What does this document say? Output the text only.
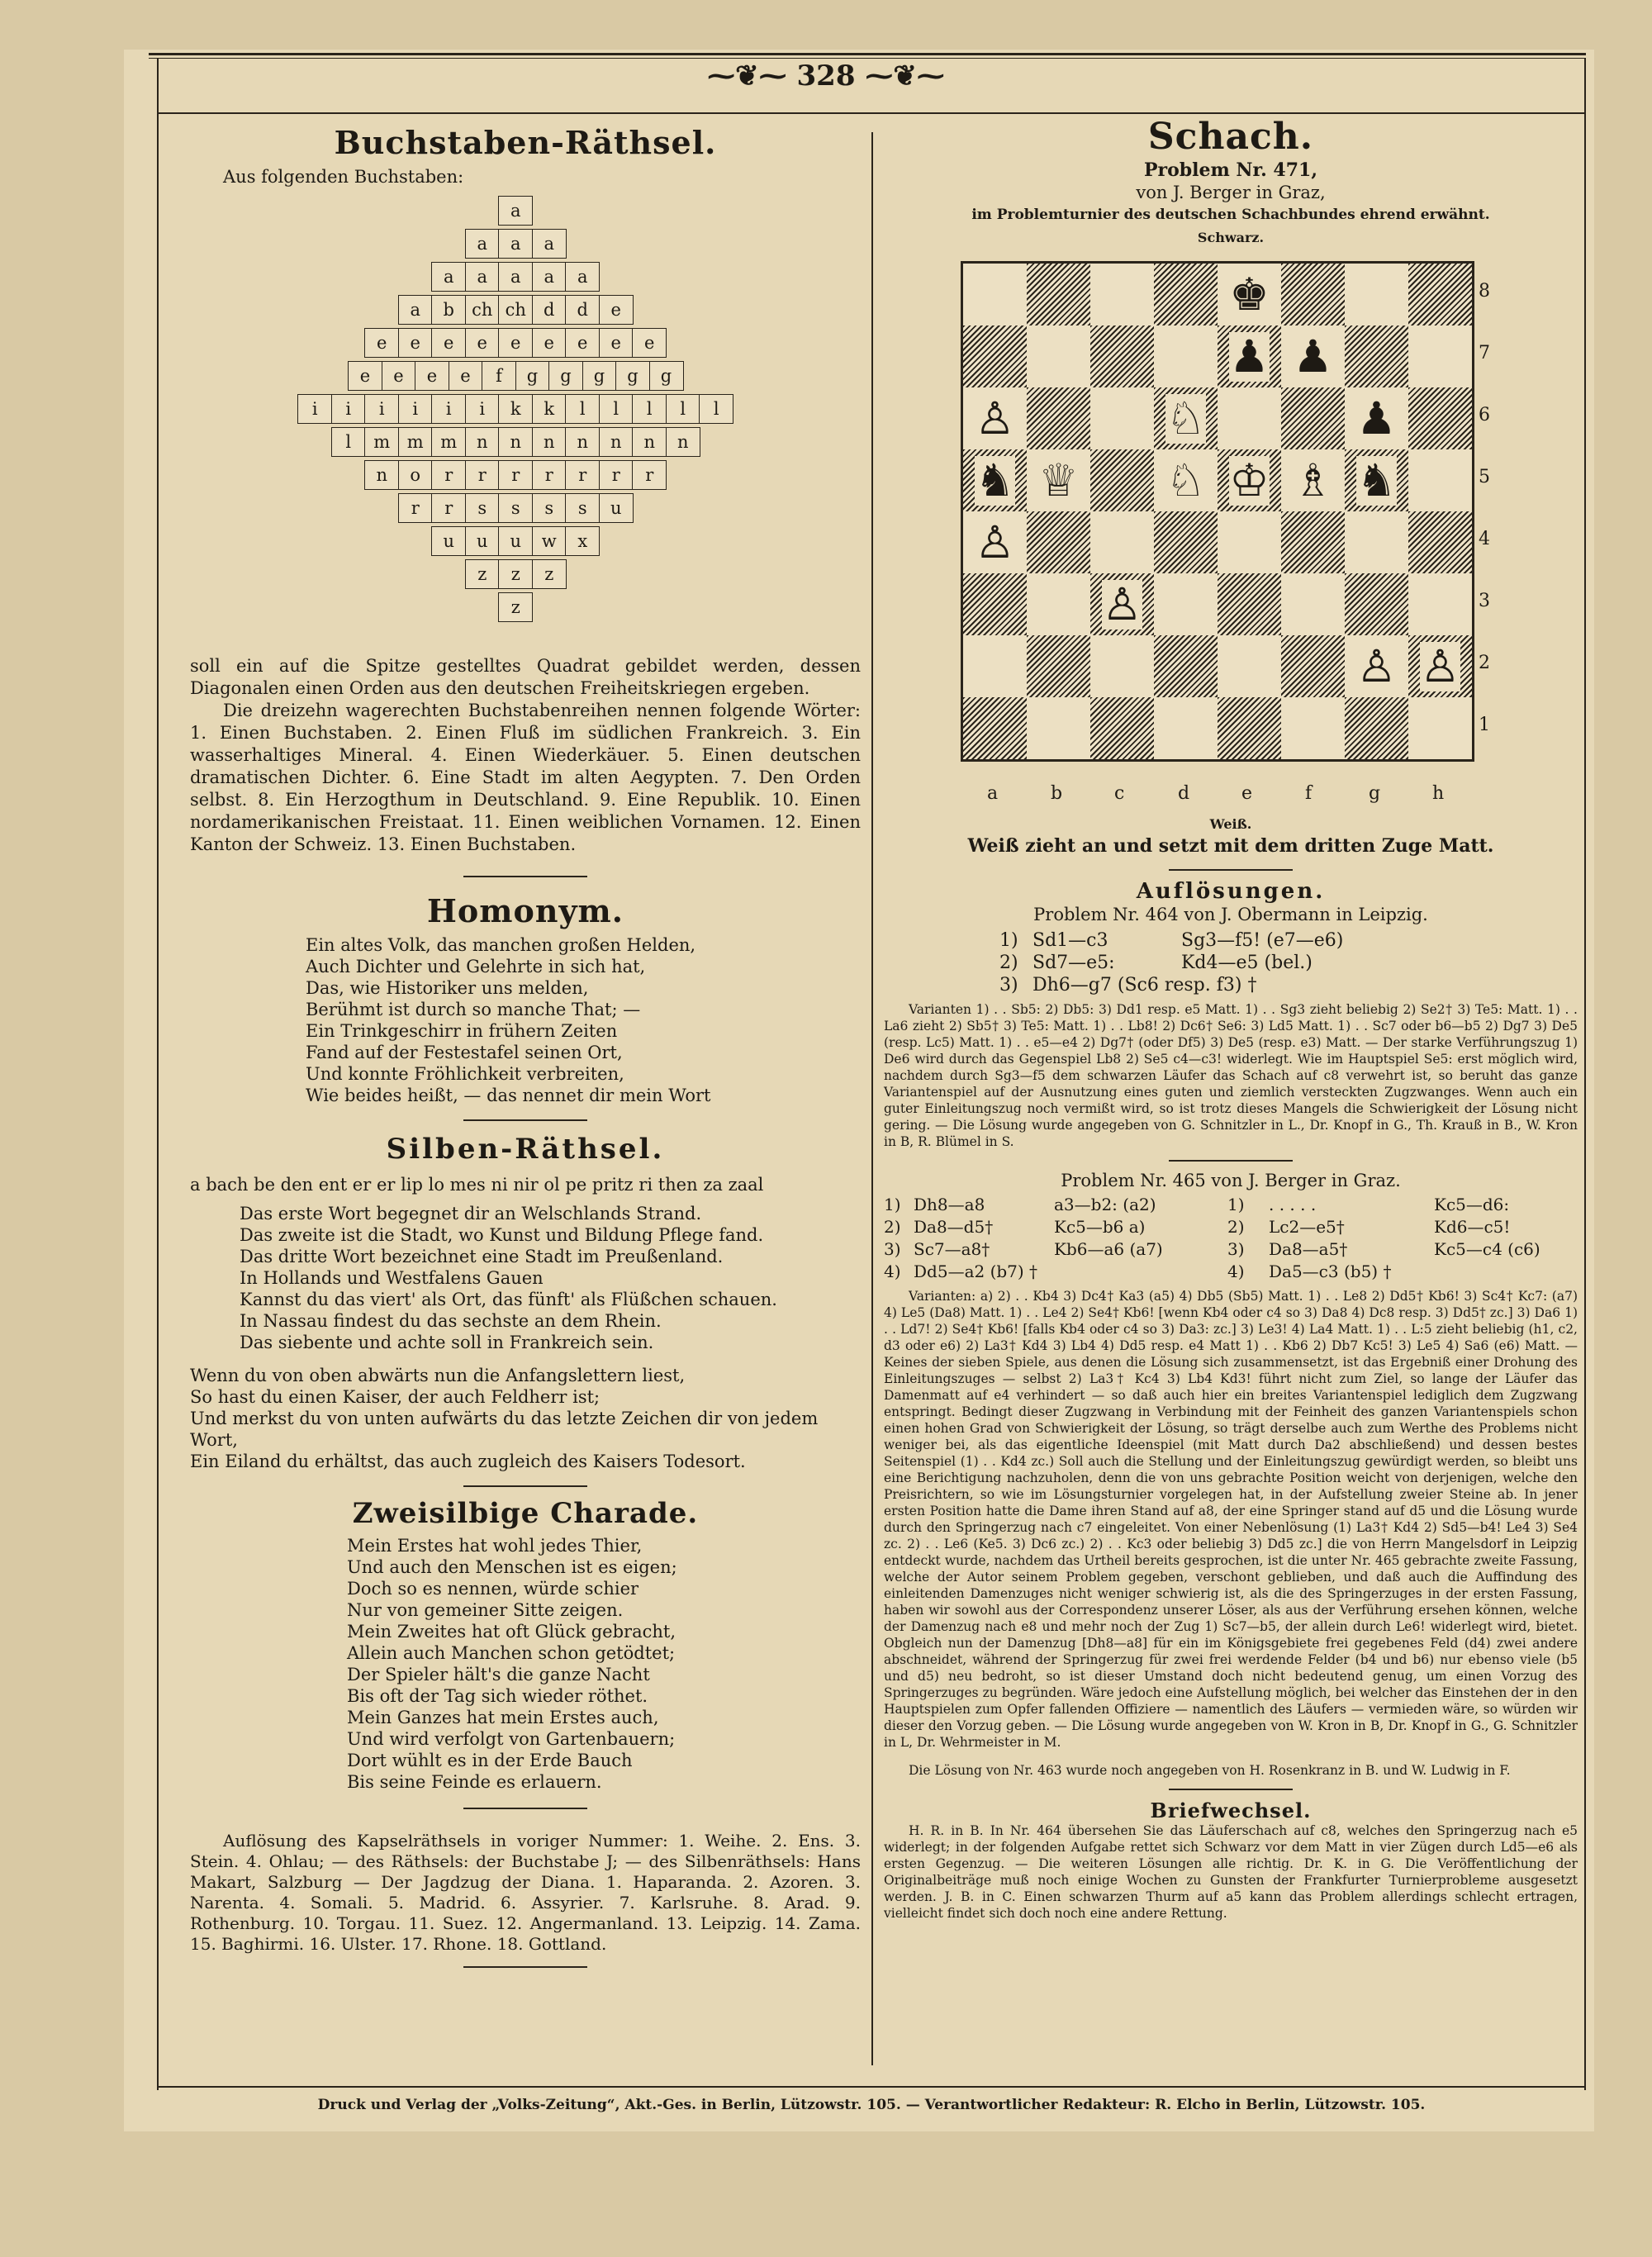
⁓❦⁓ 328 ⁓❦⁓
Buchstaben-Räthsel.

Aus folgenden Buchstaben:

a
a	a	a
a	a	a	a	a
a	b	ch ch	d	d	e
e	e	e	e	e	e	e	e	e
e	e	e	e	f	g	g	g	g	g
i	i	i	i	i	i	k	k	l	l	l	l	l
l	m m m	n	n	n	n	n	n	n
n	o	r	r	r	r	r	r	r
r	r	s	s	s	s	u
u	u	u	w	x
z	z	z
z

soll ein auf die Spitze gestelltes Quadrat gebildet werden, dessen Diagonalen einen Orden aus den deutschen Freiheitskriegen ergeben.

Die dreizehn wagerechten Buchstabenreihen nennen folgende Wörter: 1. Einen Buchstaben. 2. Einen Fluß im südlichen Frankreich. 3. Ein wasserhaltiges Mineral. 4. Einen Wiederkäuer. 5. Einen deutschen dramatischen Dichter. 6. Eine Stadt im alten Aegypten. 7. Den Orden selbst. 8. Ein Herzogthum in Deutschland. 9. Eine Republik. 10. Einen nordamerikanischen Freistaat. 11. Einen weiblichen Vornamen. 12. Einen Kanton der Schweiz. 13. Einen Buchstaben.

Homonym.
Ein altes Volk, das manchen großen Helden,
Auch Dichter und Gelehrte in sich hat,
Das, wie Historiker uns melden,
Berühmt ist durch so manche That; —
Ein Trinkgeschirr in frühern Zeiten
Fand auf der Festestafel seinen Ort,
Und konnte Fröhlichkeit verbreiten,
Wie beides heißt, — das nennet dir mein Wort
Silben-Räthsel.

a bach be den ent er er lip lo mes ni nir ol pe pritz ri then za zaal

Das erste Wort begegnet dir an Welschlands Strand.
Das zweite ist die Stadt, wo Kunst und Bildung Pflege fand.
Das dritte Wort bezeichnet eine Stadt im Preußenland.
In Hollands und Westfalens Gauen
Kannst du das viert' als Ort, das fünft' als Flüßchen schauen.
In Nassau findest du das sechste an dem Rhein.
Das siebente und achte soll in Frankreich sein.
Wenn du von oben abwärts nun die Anfangslettern liest,
So hast du einen Kaiser, der auch Feldherr ist;
Und merkst du von unten aufwärts du das letzte Zeichen dir von jedem Wort,
Ein Eiland du erhältst, das auch zugleich des Kaisers Todesort.
Zweisilbige Charade.
Mein Erstes hat wohl jedes Thier,
Und auch den Menschen ist es eigen;
Doch so es nennen, würde schier
Nur von gemeiner Sitte zeigen.
Mein Zweites hat oft Glück gebracht,
Allein auch Manchen schon getödtet;
Der Spieler hält's die ganze Nacht
Bis oft der Tag sich wieder röthet.
Mein Ganzes hat mein Erstes auch,
Und wird verfolgt von Gartenbauern;
Dort wühlt es in der Erde Bauch
Bis seine Feinde es erlauern.

Auflösung des Kapselräthsels in voriger Nummer: 1. Weihe. 2. Ens. 3. Stein. 4. Ohlau; — des Räthsels: der Buchstabe J; — des Silbenräthsels: Hans Makart, Salzburg — Der Jagdzug der Diana. 1. Haparanda. 2. Azoren. 3. Narenta. 4. Somali. 5. Madrid. 6. Assyrier. 7. Karlsruhe. 8. Arad. 9. Rothenburg. 10. Torgau. 11. Suez. 12. Angermanland. 13. Leipzig. 14. Zama. 15. Baghirmi. 16. Ulster. 17. Rhone. 18. Gottland.

Schach.

Problem Nr. 471,

von J. Berger in Graz,

im Problemturnier des deutschen Schachbundes ehrend erwähnt.

Schwarz.

♚
♟ ♟
♙	♘	♟
♞ ♕ ♘ ♔ ♗ ♞
♙
♙
♙ ♙
8
7
6
5
4
3
2
1
a	b	c	d	e	f	g	h

Weiß.

Weiß zieht an und setzt mit dem dritten Zuge Matt.

Auflösungen.

Problem Nr. 464 von J. Obermann in Leipzig.

1) Sd1—c3	Sg3—f5! (e7—e6)
2) Sd7—e5:	Kd4—e5 (bel.)
3) Dh6—g7 (Sc6 resp. f3) †

Varianten 1) . . Sb5: 2) Db5: 3) Dd1 resp. e5 Matt. 1) . . Sg3 zieht beliebig 2) Se2† 3) Te5: Matt. 1) . . La6 zieht 2) Sb5† 3) Te5: Matt. 1) . . Lb8! 2) Dc6† Se6: 3) Ld5 Matt. 1) . . Sc7 oder b6—b5 2) Dg7 3) De5 (resp. Lc5) Matt. 1) . . e5—e4 2) Dg7† (oder Df5) 3) De5 (resp. e3) Matt. — Der starke Verführungszug 1) De6 wird durch das Gegenspiel Lb8 2) Se5 c4—c3! widerlegt. Wie im Hauptspiel Se5: erst möglich wird, nachdem durch Sg3—f5 dem schwarzen Läufer das Schach auf c8 verwehrt ist, so beruht das ganze Variantenspiel auf der Ausnutzung eines guten und ziemlich versteckten Zugzwanges. Wenn auch ein guter Einleitungszug noch vermißt wird, so ist trotz dieses Mangels die Schwierigkeit der Lösung nicht gering. — Die Lösung wurde angegeben von G. Schnitzler in L., Dr. Knopf in G., Th. Krauß in B., W. Kron in B, R. Blümel in S.

Problem Nr. 465 von J. Berger in Graz.

1) Dh8—a8	a3—b2: (a2)	1)	. . . . .	Kc5—d6:
2) Da8—d5†	Kc5—b6 a)	2)	Lc2—e5†	Kd6—c5!
3) Sc7—a8†	Kb6—a6 (a7)	3)	Da8—a5†	Kc5—c4 (c6)
4) Dd5—a2 (b7) †	4)	Da5—c3 (b5) †

Varianten: a) 2) . . Kb4 3) Dc4† Ka3 (a5) 4) Db5 (Sb5) Matt. 1) . . Le8 2) Dd5† Kb6! 3) Sc4† Kc7: (a7) 4) Le5 (Da8) Matt. 1) . . Le4 2) Se4† Kb6! [wenn Kb4 oder c4 so 3) Da8 4) Dc8 resp. 3) Dd5† zc.] 3) Da6 1) . . Ld7! 2) Se4† Kb6! [falls Kb4 oder c4 so 3) Da3: zc.] 3) Le3! 4) La4 Matt. 1) . . L:5 zieht beliebig (h1, c2, d3 oder e6) 2) La3† Kd4 3) Lb4 4) Dd5 resp. e4 Matt 1) . . Kb6 2) Db7 Kc5! 3) Le5 4) Sa6 (e6) Matt. — Keines der sieben Spiele, aus denen die Lösung sich zusammensetzt, ist das Ergebniß einer Drohung des Einleitungszuges — selbst 2) La3† Kc4 3) Lb4 Kd3! führt nicht zum Ziel, so lange der Läufer das Damenmatt auf e4 verhindert — so daß auch hier ein breites Variantenspiel lediglich dem Zugzwang entspringt. Bedingt dieser Zugzwang in Verbindung mit der Feinheit des ganzen Variantenspiels schon einen hohen Grad von Schwierigkeit der Lösung, so trägt derselbe auch zum Werthe des Problems nicht weniger bei, als das eigentliche Idеenspiel (mit Matt durch Da2 abschließend) und dessen bestes Seitenspiel (1) . . Kd4 zc.) Soll auch die Stellung und der Einleitungszug gewürdigt werden, so bleibt uns eine Berichtigung nachzuholen, denn die von uns gebrachte Position weicht von derjenigen, welche den Preisrichtern, so wie im Lösungsturnier vorgelegen hat, in der Aufstellung zweier Steine ab. In jener ersten Position hatte die Dame ihren Stand auf a8, der eine Springer stand auf d5 und die Lösung wurde durch den Springerzug nach c7 eingeleitet. Von einer Nebenlösung (1) La3† Kd4 2) Sd5—b4! Le4 3) Se4 zc. 2) . . Le6 (Ke5. 3) Dc6 zc.) 2) . . Kc3 oder beliebig 3) Dd5 zc.] die von Herrn Mangelsdorf in Leipzig entdeckt wurde, nachdem das Urtheil bereits gesprochen, ist die unter Nr. 465 gebrachte zweite Fassung, welche der Autor seinem Problem gegeben, verschont geblieben, und daß auch die Auffindung des einleitenden Damenzuges nicht weniger schwierig ist, als die des Springerzuges in der ersten Fassung, haben wir sowohl aus der Correspondenz unserer Löser, als aus der Verführung ersehen können, welche der Damenzug nach e8 und mehr noch der Zug 1) Sc7—b5, der allein durch Le6! widerlegt wird, bietet. Obgleich nun der Damenzug [Dh8—a8] für ein im Königsgebiete frei gegebenes Feld (d4) zwei andere abschneidet, während der Springerzug für zwei frei werdende Felder (b4 und b6) nur ebenso viele (b5 und d5) neu bedroht, so ist dieser Umstand doch nicht bedeutend genug, um einen Vorzug des Springerzuges zu begründen. Wäre jedoch eine Aufstellung möglich, bei welcher das Einstehen der in den Hauptspielen zum Opfer fallenden Offiziere — namentlich des Läufers — vermieden wäre, so würden wir dieser den Vorzug geben. — Die Lösung wurde angegeben von W. Kron in B, Dr. Knopf in G., G. Schnitzler in L, Dr. Wehrmeister in M.

Die Lösung von Nr. 463 wurde noch angegeben von H. Rosenkranz in B. und W. Ludwig in F.

Briefwechsel.

H. R. in B. In Nr. 464 übersehen Sie das Läuferschach auf c8, welches den Springerzug nach e5 widerlegt; in der folgenden Aufgabe rettet sich Schwarz vor dem Matt in vier Zügen durch Ld5—e6 als ersten Gegenzug. — Die weiteren Lösungen alle richtig. Dr. K. in G. Die Veröffentlichung der Originalbeiträge muß noch einige Wochen zu Gunsten der Frankfurter Turnierprobleme ausgesetzt werden. J. B. in C. Einen schwarzen Thurm auf a5 kann das Problem allerdings schlecht ertragen, vielleicht findet sich doch noch eine andere Rettung.

Druck und Verlag der „Volks-Zeitung“, Akt.-Ges. in Berlin, Lützowstr. 105. — Verantwortlicher Redakteur: R. Elcho in Berlin, Lützowstr. 105.
